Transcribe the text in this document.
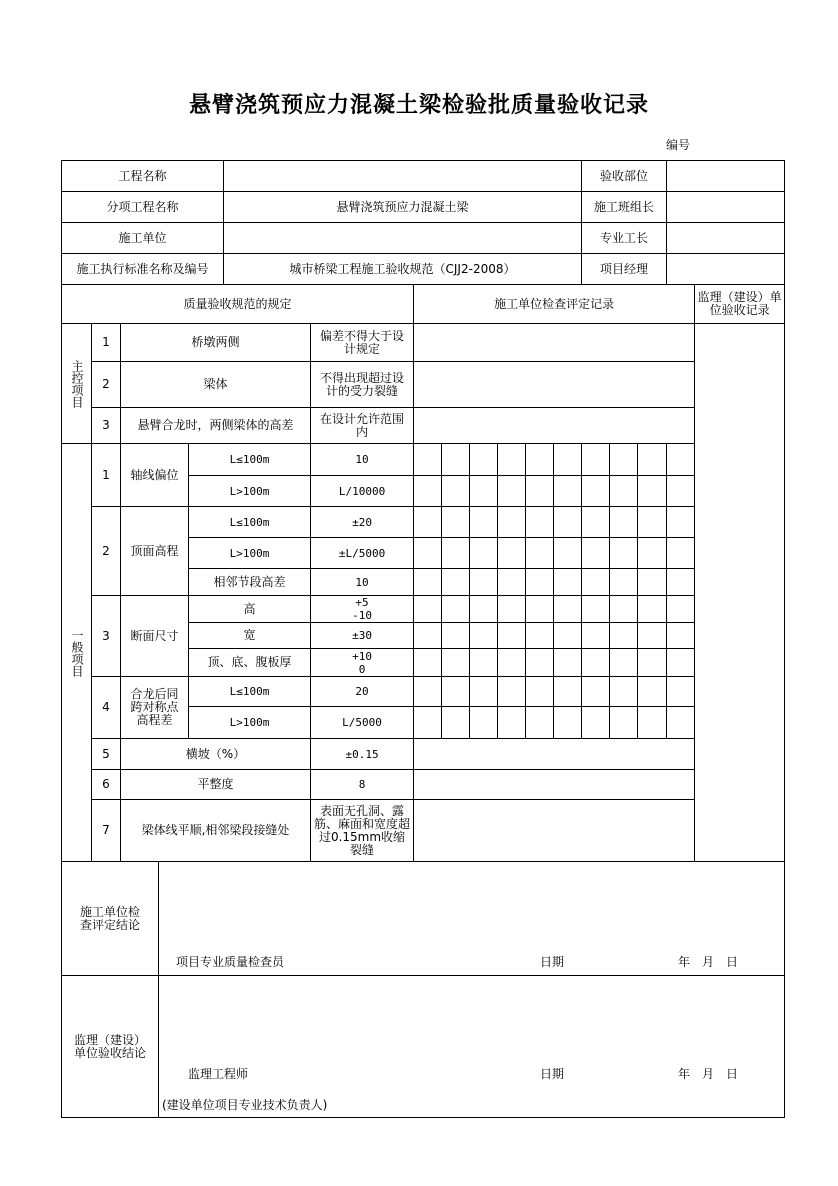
悬臂浇筑预应力混凝土梁检验批质量验收记录
编号
工程名称		验收部位	
分项工程名称	悬臂浇筑预应力混凝土梁	施工班组长	
施工单位		专业工长	
施工执行标准名称及编号	城市桥梁工程施工验收规范（CJJ2-2008）	项目经理	
质量验收规范的规定					施工单位检查评定记录										监理（建设）单位验收记录
主控项目	1	桥墩两侧		偏差不得大于设计规定											
	2	梁体		不得出现超过设计的受力裂缝											
	3	悬臂合龙时，两侧梁体的高差		在设计允许范围内											
一般项目	1	轴线偏位	L≤100m	10											
			L>100m	L/10000											
	2	顶面高程	L≤100m	±20											
			L>100m	±L/5000											
			相邻节段高差	10											
	3	断面尺寸	高	+5
-10											
			宽	±30											
			顶、底、腹板厚	+10
0											
	4	合龙后同跨对称点高程差	L≤100m	20											
			L>100m	L/5000											
	5	横坡（%）		±0.15											
	6	平整度		8											
	7	梁体线平顺,相邻梁段接缝处		表面无孔洞、露筋、麻面和宽度超过0.15mm收缩裂缝											
施工单位检查评定结论	
监理（建设）单位验收结论	
项目专业质量检查员	日期	年　月　日
监理工程师	日期	年　月　日
(建设单位项目专业技术负责人)
